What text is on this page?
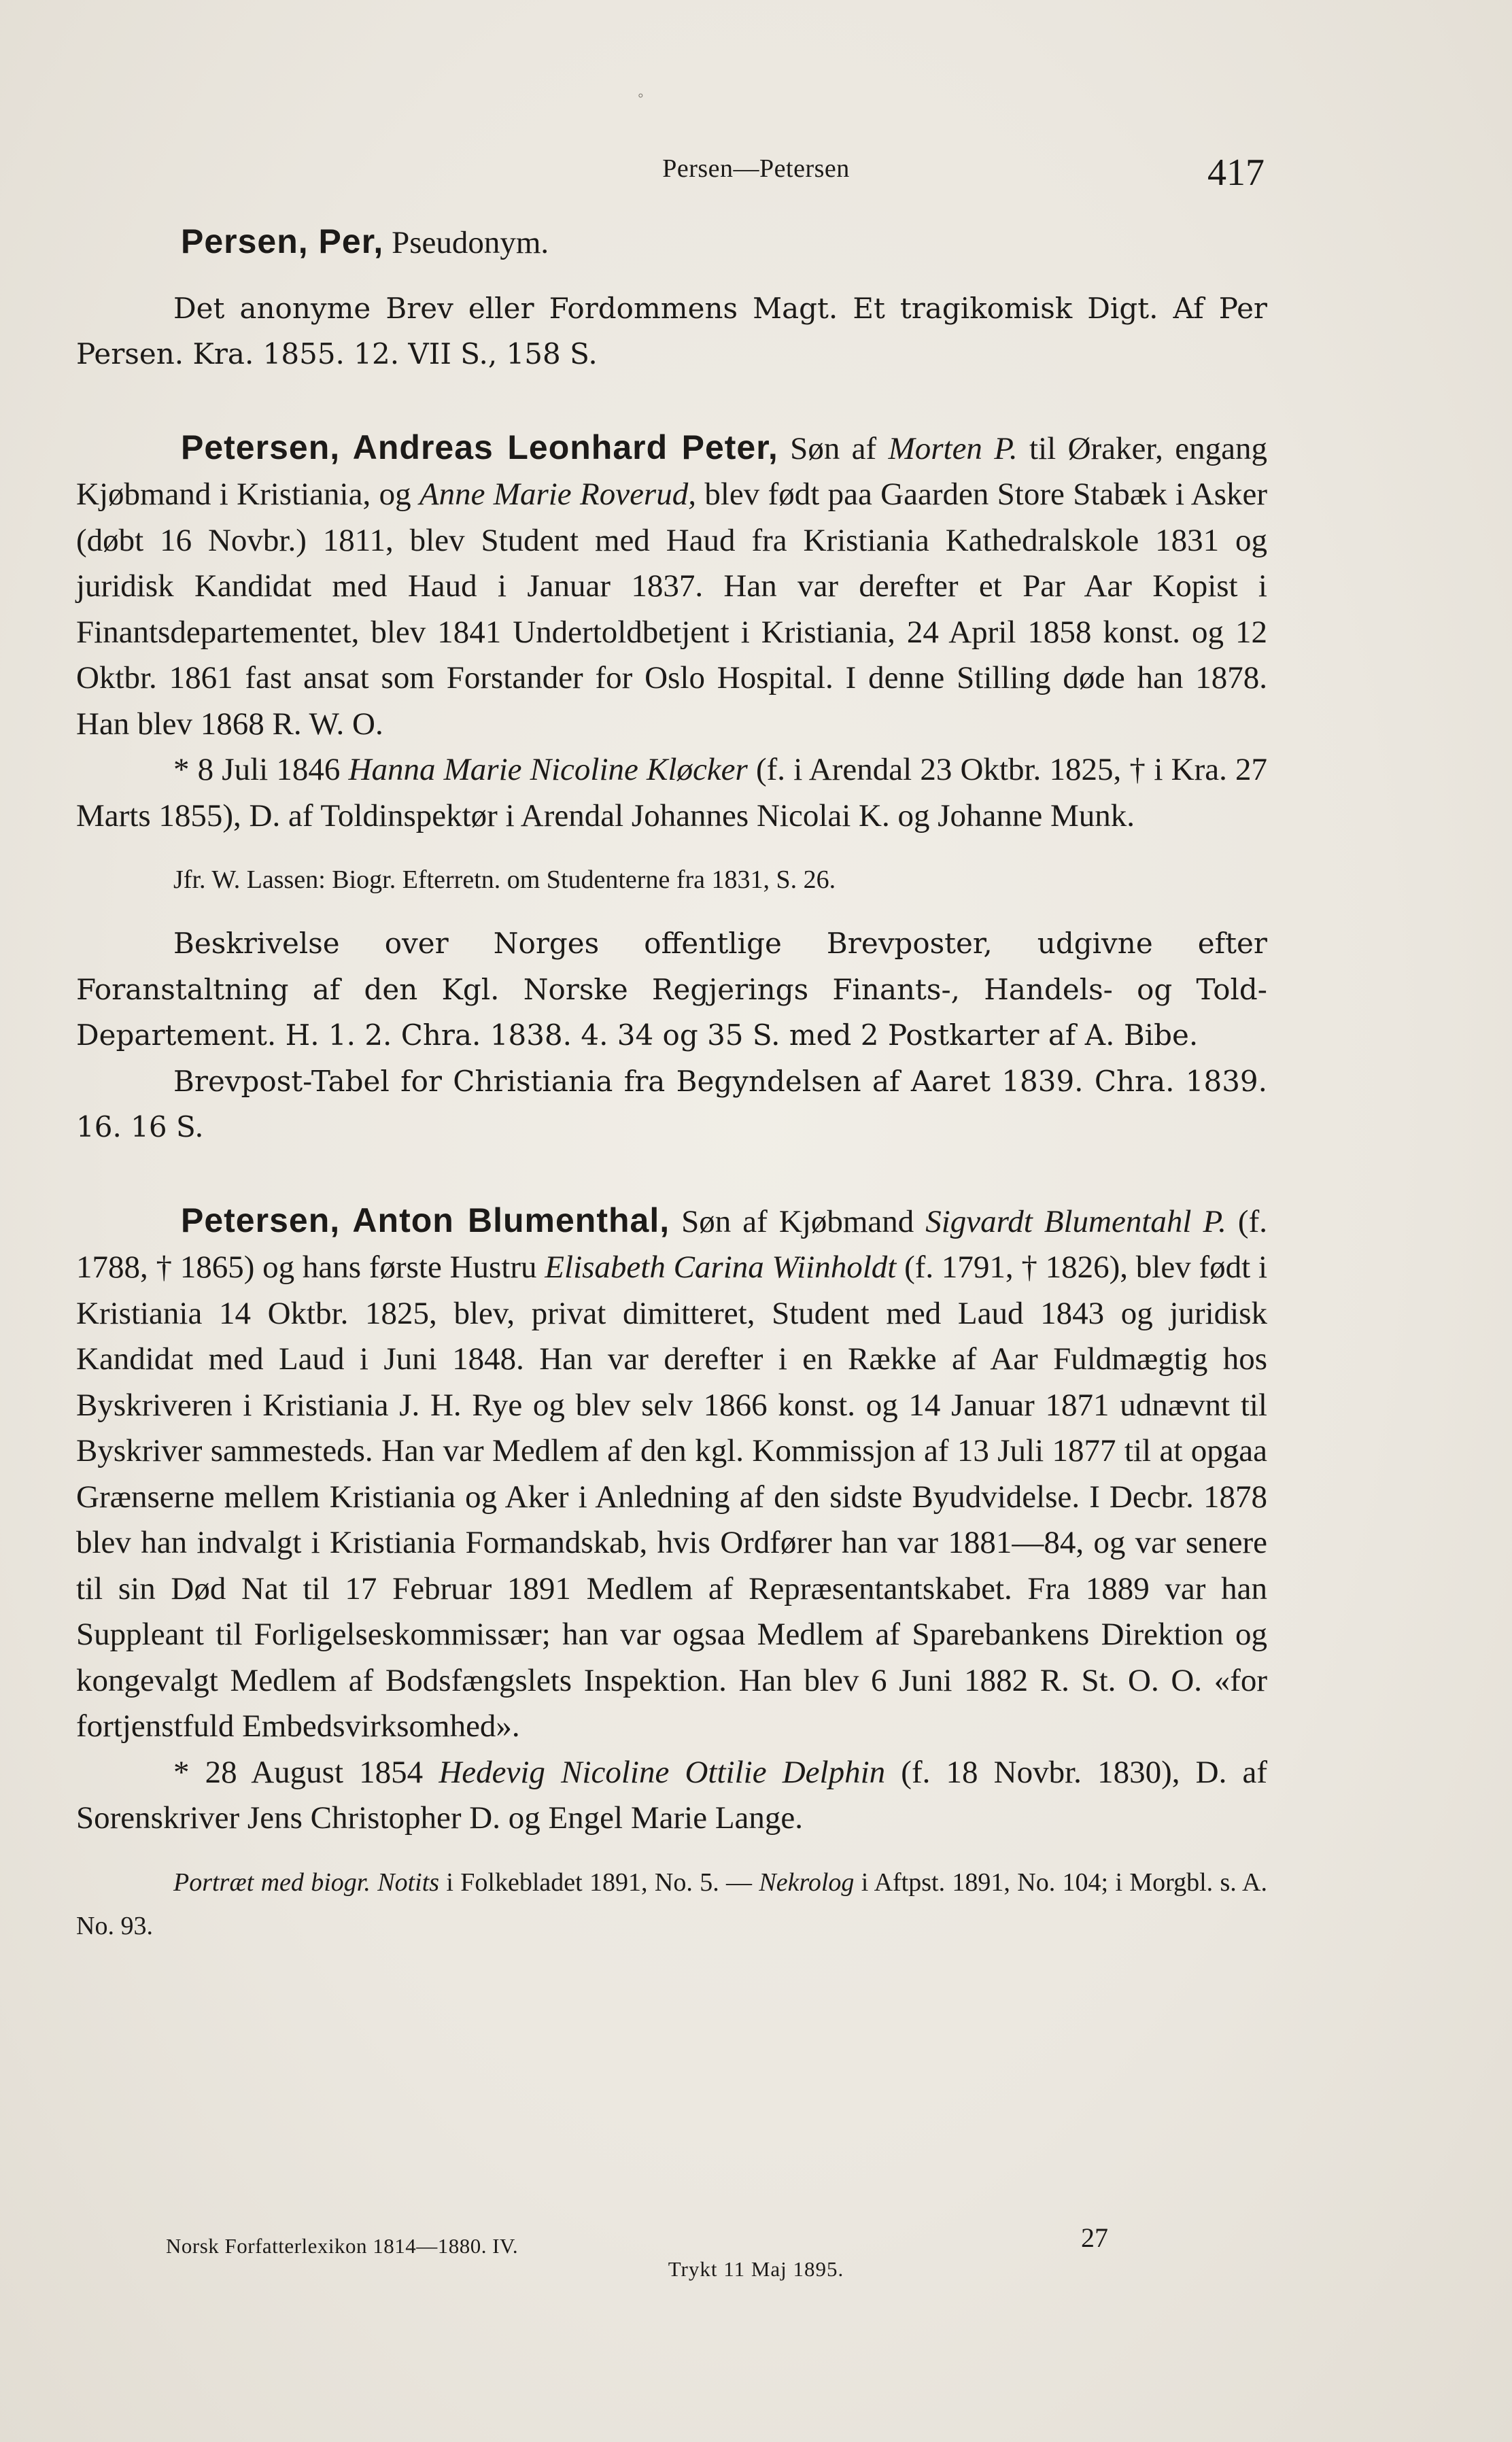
◦
Persen—Petersen	417

Persen, Per, Pseudonym.

Det anonyme Brev eller Fordommens Magt. Et tragikomisk Digt. Af Per Persen. Kra. 1855. 12. VII S., 158 S.

Petersen, Andreas Leonhard Peter, Søn af Morten P. til Øraker, engang Kjøbmand i Kristiania, og Anne Marie Roverud, blev født paa Gaarden Store Stabæk i Asker (døbt 16 Novbr.) 1811, blev Student med Haud fra Kristiania Kathedralskole 1831 og juridisk Kandidat med Haud i Januar 1837. Han var derefter et Par Aar Kopist i Finantsdepartementet, blev 1841 Undertoldbetjent i Kristiania, 24 April 1858 konst. og 12 Oktbr. 1861 fast ansat som Forstander for Oslo Hospital. I denne Stilling døde han 1878. Han blev 1868 R. W. O.

* 8 Juli 1846 Hanna Marie Nicoline Kløcker (f. i Arendal 23 Oktbr. 1825, † i Kra. 27 Marts 1855), D. af Toldinspektør i Arendal Johannes Nicolai K. og Johanne Munk.

Jfr. W. Lassen: Biogr. Efterretn. om Studenterne fra 1831, S. 26.

Beskrivelse over Norges offentlige Brevposter, udgivne efter Foranstaltning af den Kgl. Norske Regjerings Finants-, Handels- og Told-Departement. H. 1. 2. Chra. 1838. 4. 34 og 35 S. med 2 Postkarter af A. Bibe.

Brevpost-Tabel for Christiania fra Begyndelsen af Aaret 1839. Chra. 1839. 16. 16 S.

Petersen, Anton Blumenthal, Søn af Kjøbmand Sigvardt Blumentahl P. (f. 1788, † 1865) og hans første Hustru Elisabeth Carina Wiinholdt (f. 1791, † 1826), blev født i Kristiania 14 Oktbr. 1825, blev, privat dimitteret, Student med Laud 1843 og juridisk Kandidat med Laud i Juni 1848. Han var derefter i en Række af Aar Fuldmægtig hos Byskriveren i Kristiania J. H. Rye og blev selv 1866 konst. og 14 Januar 1871 udnævnt til Byskriver sammesteds. Han var Medlem af den kgl. Kommissjon af 13 Juli 1877 til at opgaa Grænserne mellem Kristiania og Aker i Anledning af den sidste Byudvidelse. I Decbr. 1878 blev han indvalgt i Kristiania Formandskab, hvis Ordfører han var 1881—84, og var senere til sin Død Nat til 17 Februar 1891 Medlem af Repræsentantskabet. Fra 1889 var han Suppleant til Forligelseskommissær; han var ogsaa Medlem af Sparebankens Direktion og kongevalgt Medlem af Bodsfængslets Inspektion. Han blev 6 Juni 1882 R. St. O. O. «for fortjenstfuld Embedsvirksomhed».

* 28 August 1854 Hedevig Nicoline Ottilie Delphin (f. 18 Novbr. 1830), D. af Sorenskriver Jens Christopher D. og Engel Marie Lange.

Portræt med biogr. Notits i Folkebladet 1891, No. 5. — Nekrolog i Aftpst. 1891, No. 104; i Morgbl. s. A. No. 93.

Norsk Forfatterlexikon 1814—1880. IV.	27
Trykt 11 Maj 1895.
